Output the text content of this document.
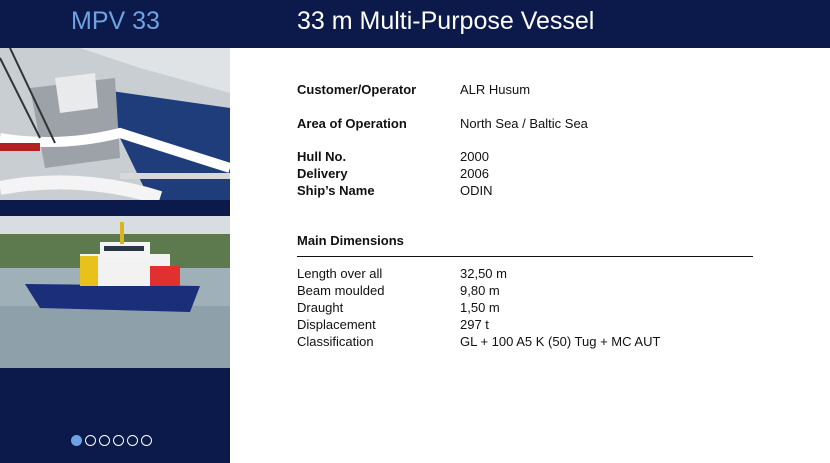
MPV 33	33 m Multi-Purpose Vessel
Customer/Operator	ALR Husum
Area of Operation	North Sea / Baltic Sea
Hull No.	2000
Delivery	2006
Ship’s Name	ODIN
Main Dimensions
Length over all	32,50 m
Beam moulded	9,80 m
Draught	1,50 m
Displacement	297 t
Classification	GL + 100 A5 K (50) Tug + MC AUT
